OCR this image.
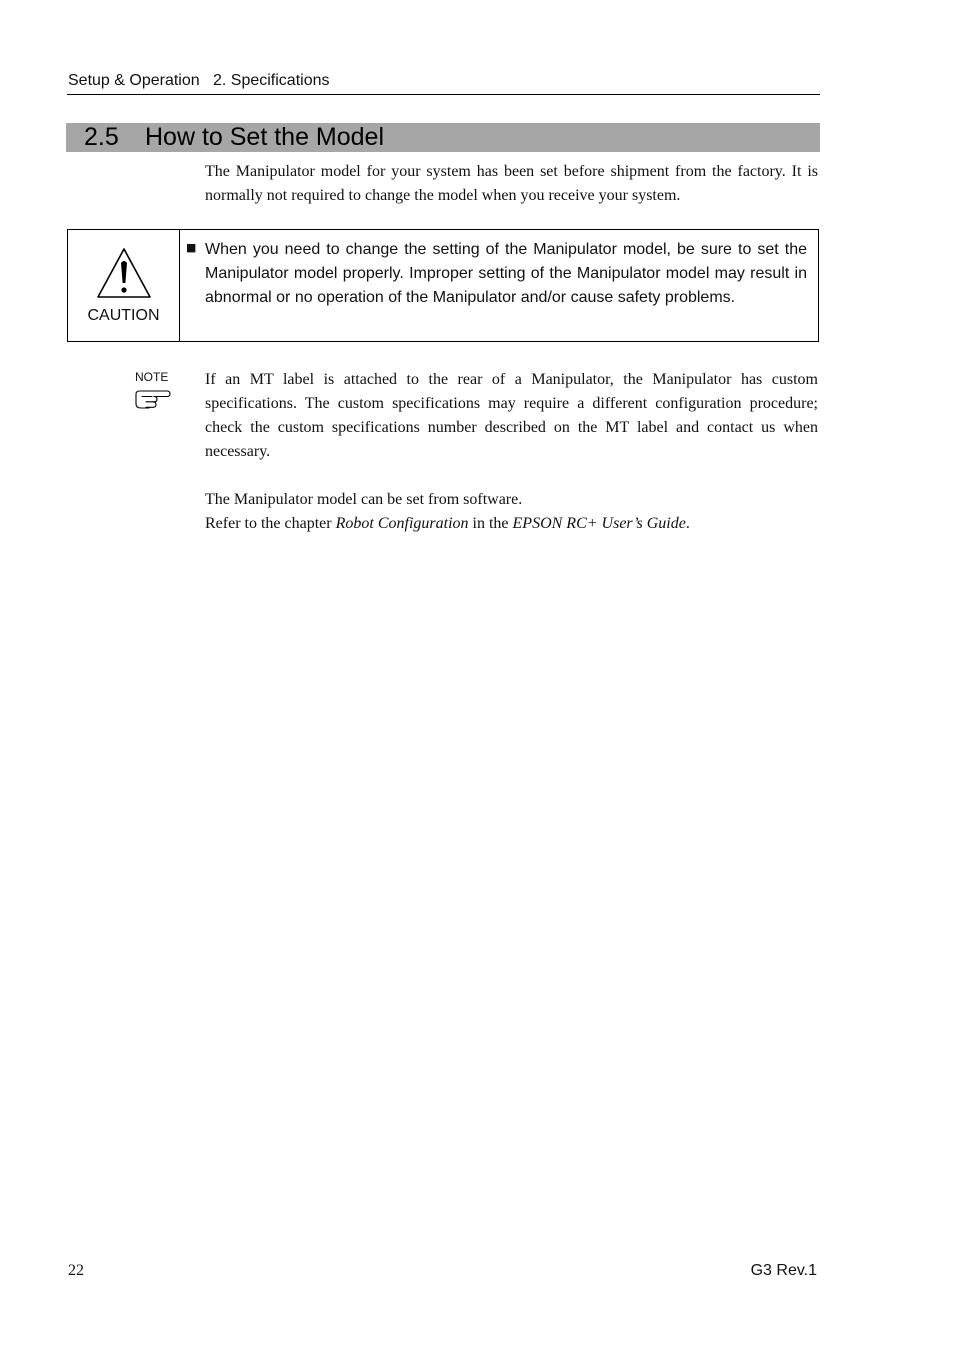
Setup & Operation   2. Specifications
2.5 How to Set the Model
The Manipulator model for your system has been set before shipment from the factory. It is normally not required to change the model when you receive your system.
CAUTION
■ When you need to change the setting of the Manipulator model, be sure to set the Manipulator model properly. Improper setting of the Manipulator model may result in abnormal or no operation of the Manipulator and/or cause safety problems.
NOTE If an MT label is attached to the rear of a Manipulator, the Manipulator has custom specifications. The custom specifications may require a different configuration procedure; check the custom specifications number described on the MT label and contact us when necessary.
The Manipulator model can be set from software.
Refer to the chapter Robot Configuration in the EPSON RC+ User’s Guide.
22	G3 Rev.1
